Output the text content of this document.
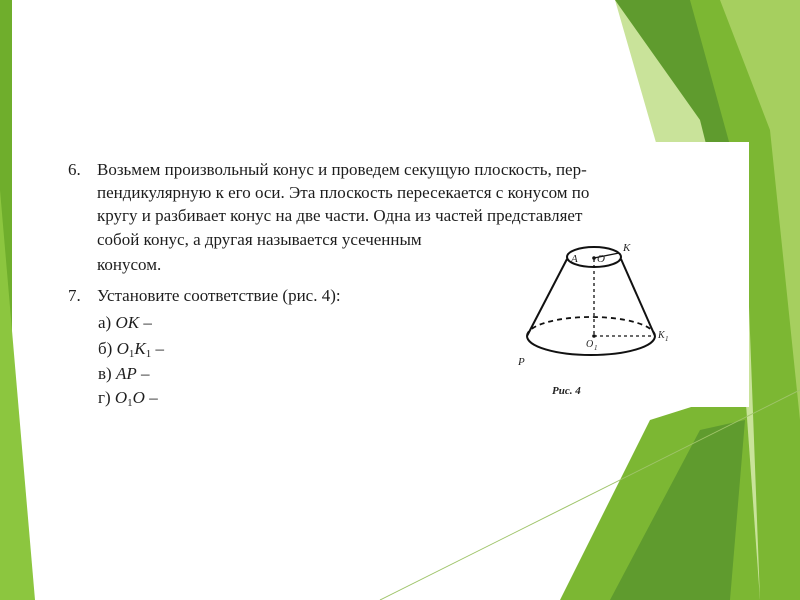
6. Возьмем произвольный конус и проведем секущую плоскость, пер-
пендикулярную к его оси. Эта плоскость пересекается с конусом по
кругу и разбивает конус на две части. Одна из частей представляет
собой конус, а другая называется усеченным
конусом.
7. Установите соответствие (рис. 4):
а) OK –
б) $O_1K_1$ –
в) AP –
г) $O_1O$ –
A O
K
O 1
K 1
P
Рис. 4
